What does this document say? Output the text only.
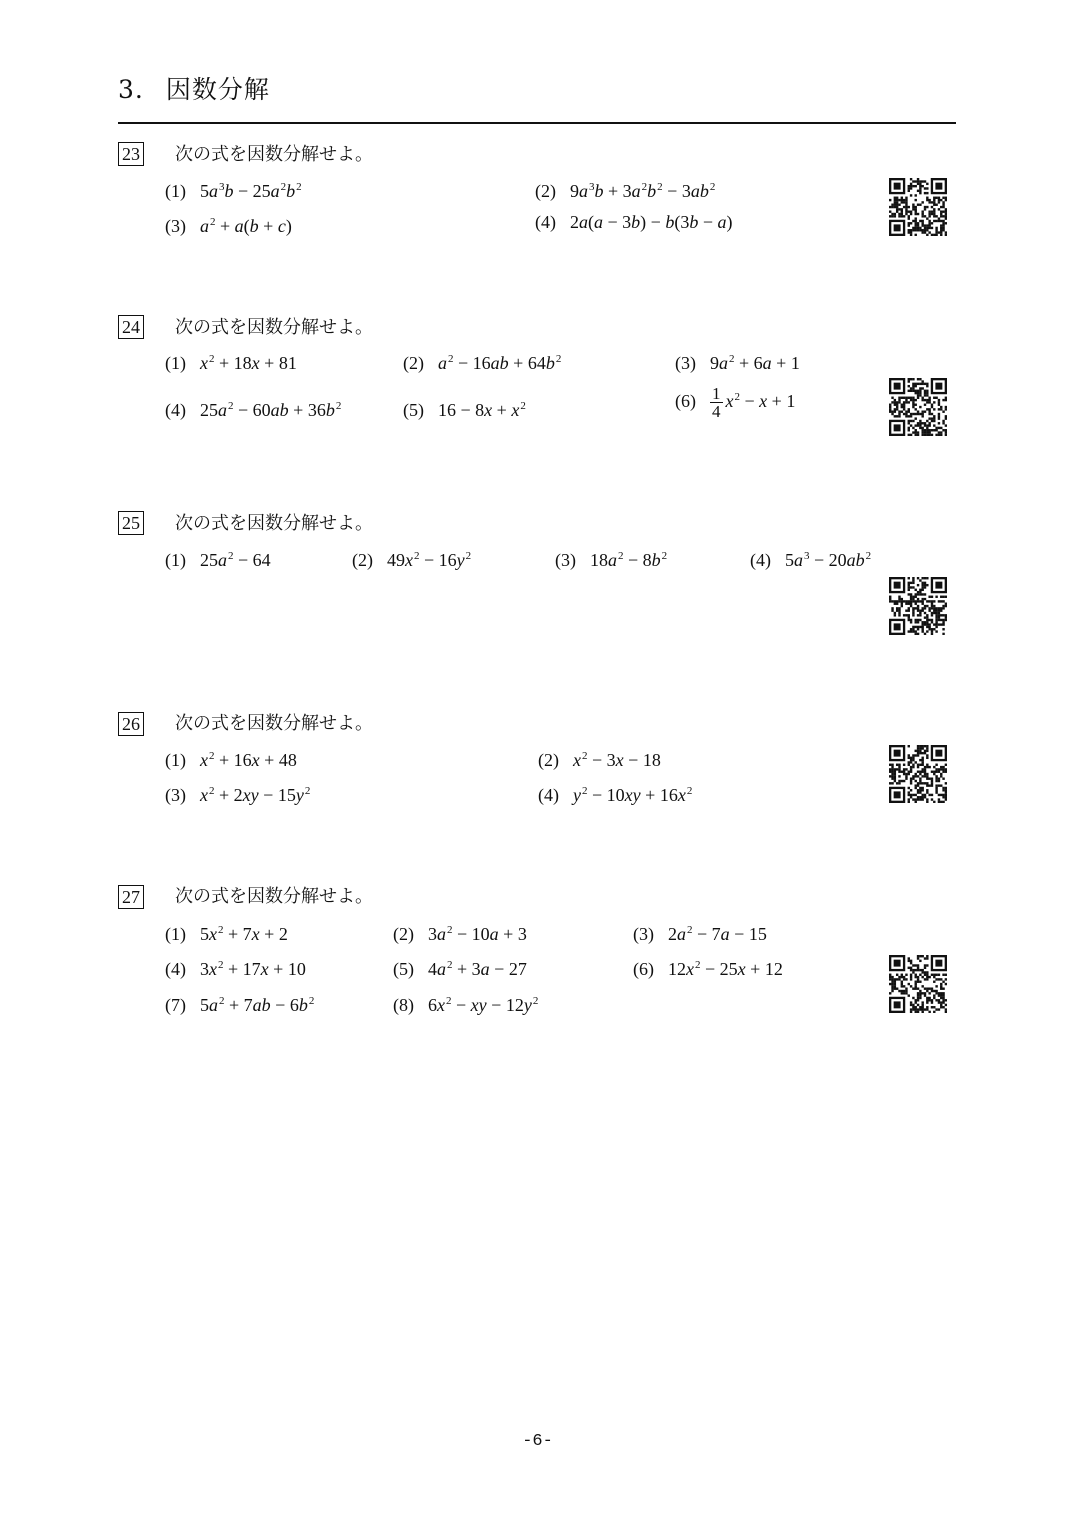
3. 因数分解
23 次の式を因数分解せよ。
(1) $5a^3b - 25a^2b^2$	(2) $9a^3b + 3a^2b^2 - 3ab^2$
(3) $a^2 + a(b + c)$	(4) 2a(a − 3b) − b(3b − a)
24 次の式を因数分解せよ。
(1) $x^2 + 18x + 81$	(2) $a^2 - 16ab + 64b^2$	(3) $9a^2 + 6a + 1$
(4) $25a^2 - 60ab + 36b^2$	(5) $16 - 8x + x^2$	$(6) \frac{1}{4} x^2 - x + 1$
25 次の式を因数分解せよ。
(1) $25a^2 - 64$	(2) $49x^2 - 16y^2$	(3) $18a^2 - 8b^2$	(4) $5a^3 - 20ab^2$
26 次の式を因数分解せよ。
(1) $x^2 + 16x + 48$	(2) $x^2 - 3x - 18$
(3) $x^2 + 2xy - 15y^2$	(4) $y^2 - 10xy + 16x^2$
27 次の式を因数分解せよ。
(1) $5x^2 + 7x + 2$	(2) $3a^2 - 10a + 3$	(3) $2a^2 - 7a - 15$
(4) $3x^2 + 17x + 10$	(5) $4a^2 + 3a - 27$	(6) $12x^2 - 25x + 12$
(7) $5a^2 + 7ab - 6b^2$	(8) $6x^2$ − xy − $12y^2$
-6-
